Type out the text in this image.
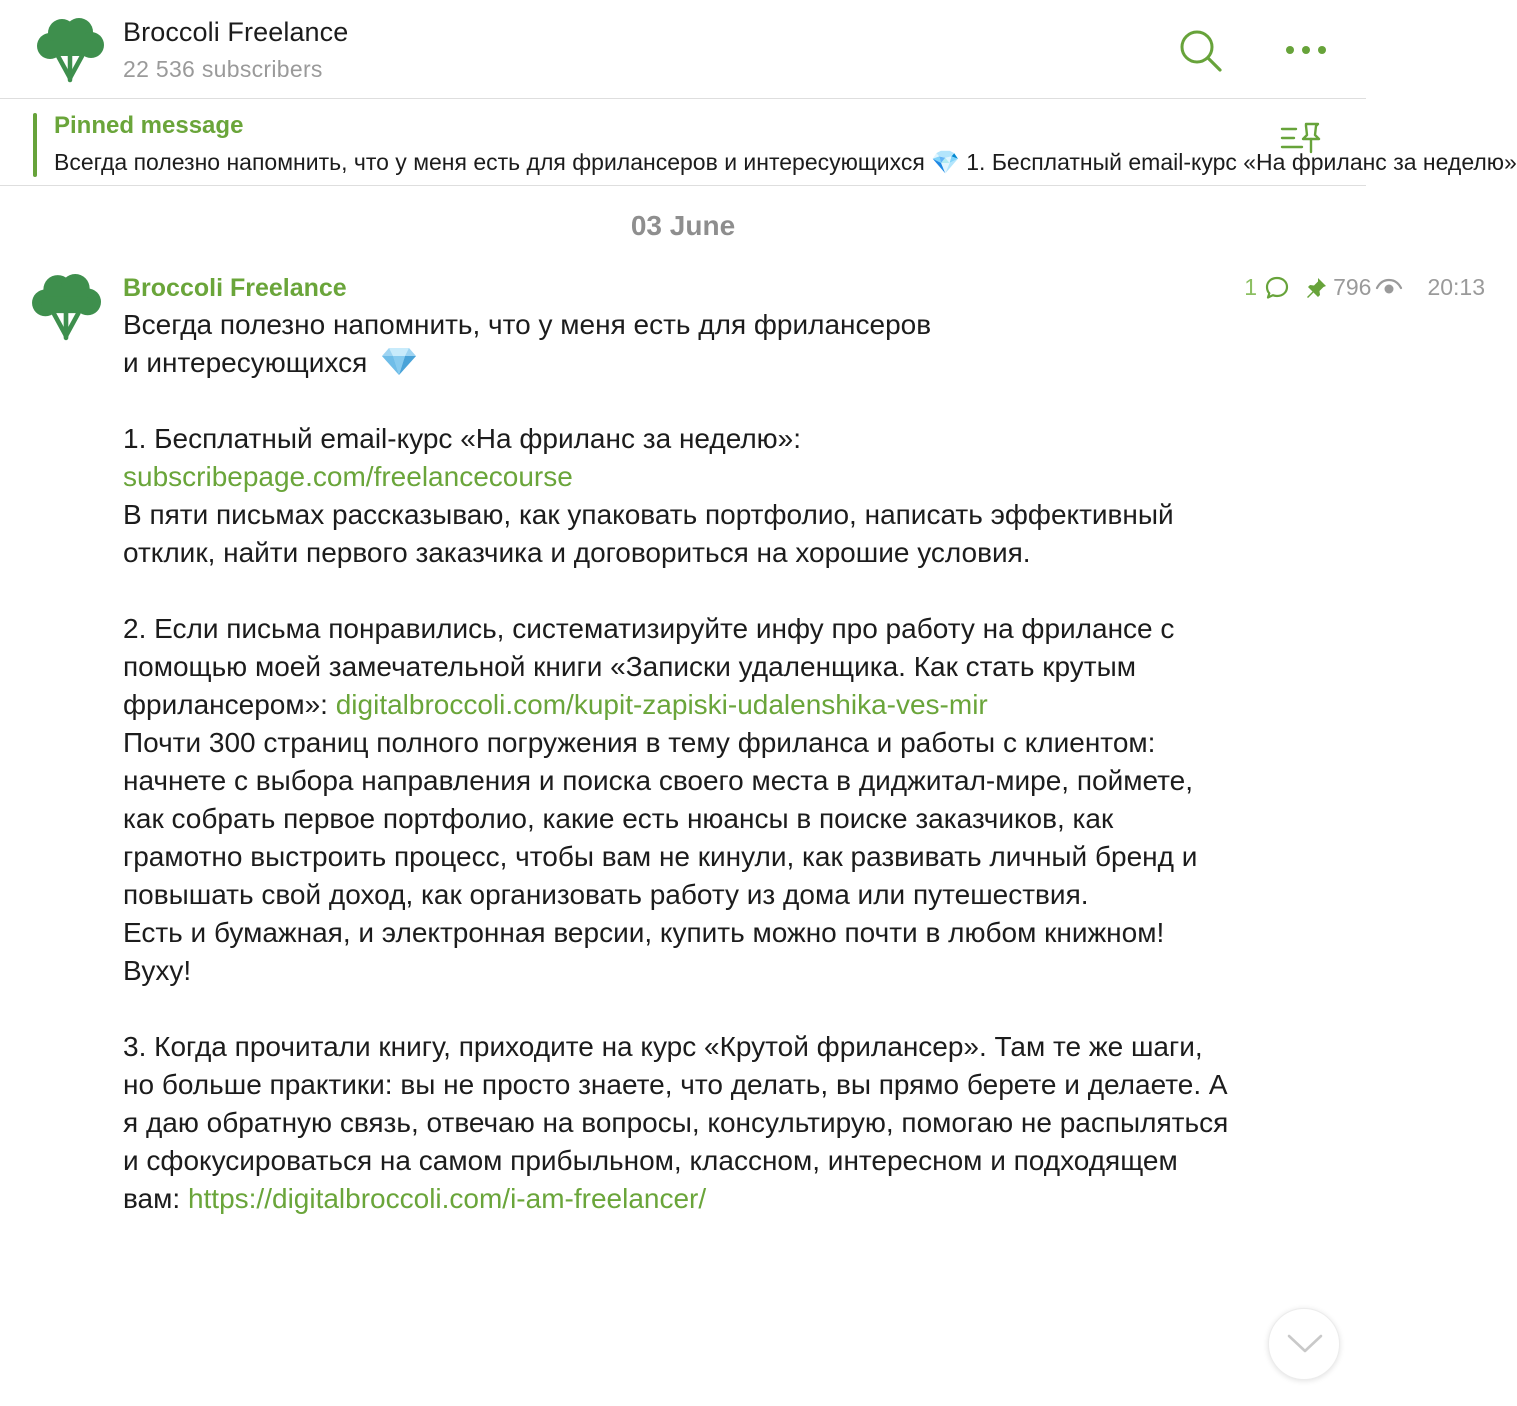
Broccoli Freelance
22 536 subscribers
Pinned message
Всегда полезно напомнить, что у меня есть для фрилансеров и интересующихся 💎 1. Бесплатный email-курс «На фриланс за неделю»
03 June
Broccoli Freelance	1	796 20:13

Всегда полезно напомнить, что у меня есть для фрилансеров
и интересующихся

1. Бесплатный email-курс «На фриланс за неделю»: subscribepage.com/freelancecourse
В пяти письмах рассказываю, как упаковать портфолио, написать эффективный отклик, найти первого заказчика и договориться на хорошие условия.

2. Если письма понравились, систематизируйте инфу про работу на фрилансе с помощью моей замечательной книги «Записки удаленщика. Как стать крутым фрилансером»: digitalbroccoli.com/kupit-zapiski-udalenshika-ves-mir
Почти 300 страниц полного погружения в тему фриланса и работы с клиентом: начнете с выбора направления и поиска своего места в диджитал-мире, поймете, как собрать первое портфолио, какие есть нюансы в поиске заказчиков, как грамотно выстроить процесс, чтобы вам не кинули, как развивать личный бренд и повышать свой доход, как организовать работу из дома или путешествия.
Есть и бумажная, и электронная версии, купить можно почти в любом книжном! Вуху!

3. Когда прочитали книгу, приходите на курс «Крутой фрилансер». Там те же шаги, но больше практики: вы не просто знаете, что делать, вы прямо берете и делаете. А я даю обратную связь, отвечаю на вопросы, консультирую, помогаю не распыляться и сфокусироваться на самом прибыльном, классном, интересном и подходящем вам: https://digitalbroccoli.com/i-am-freelancer/
